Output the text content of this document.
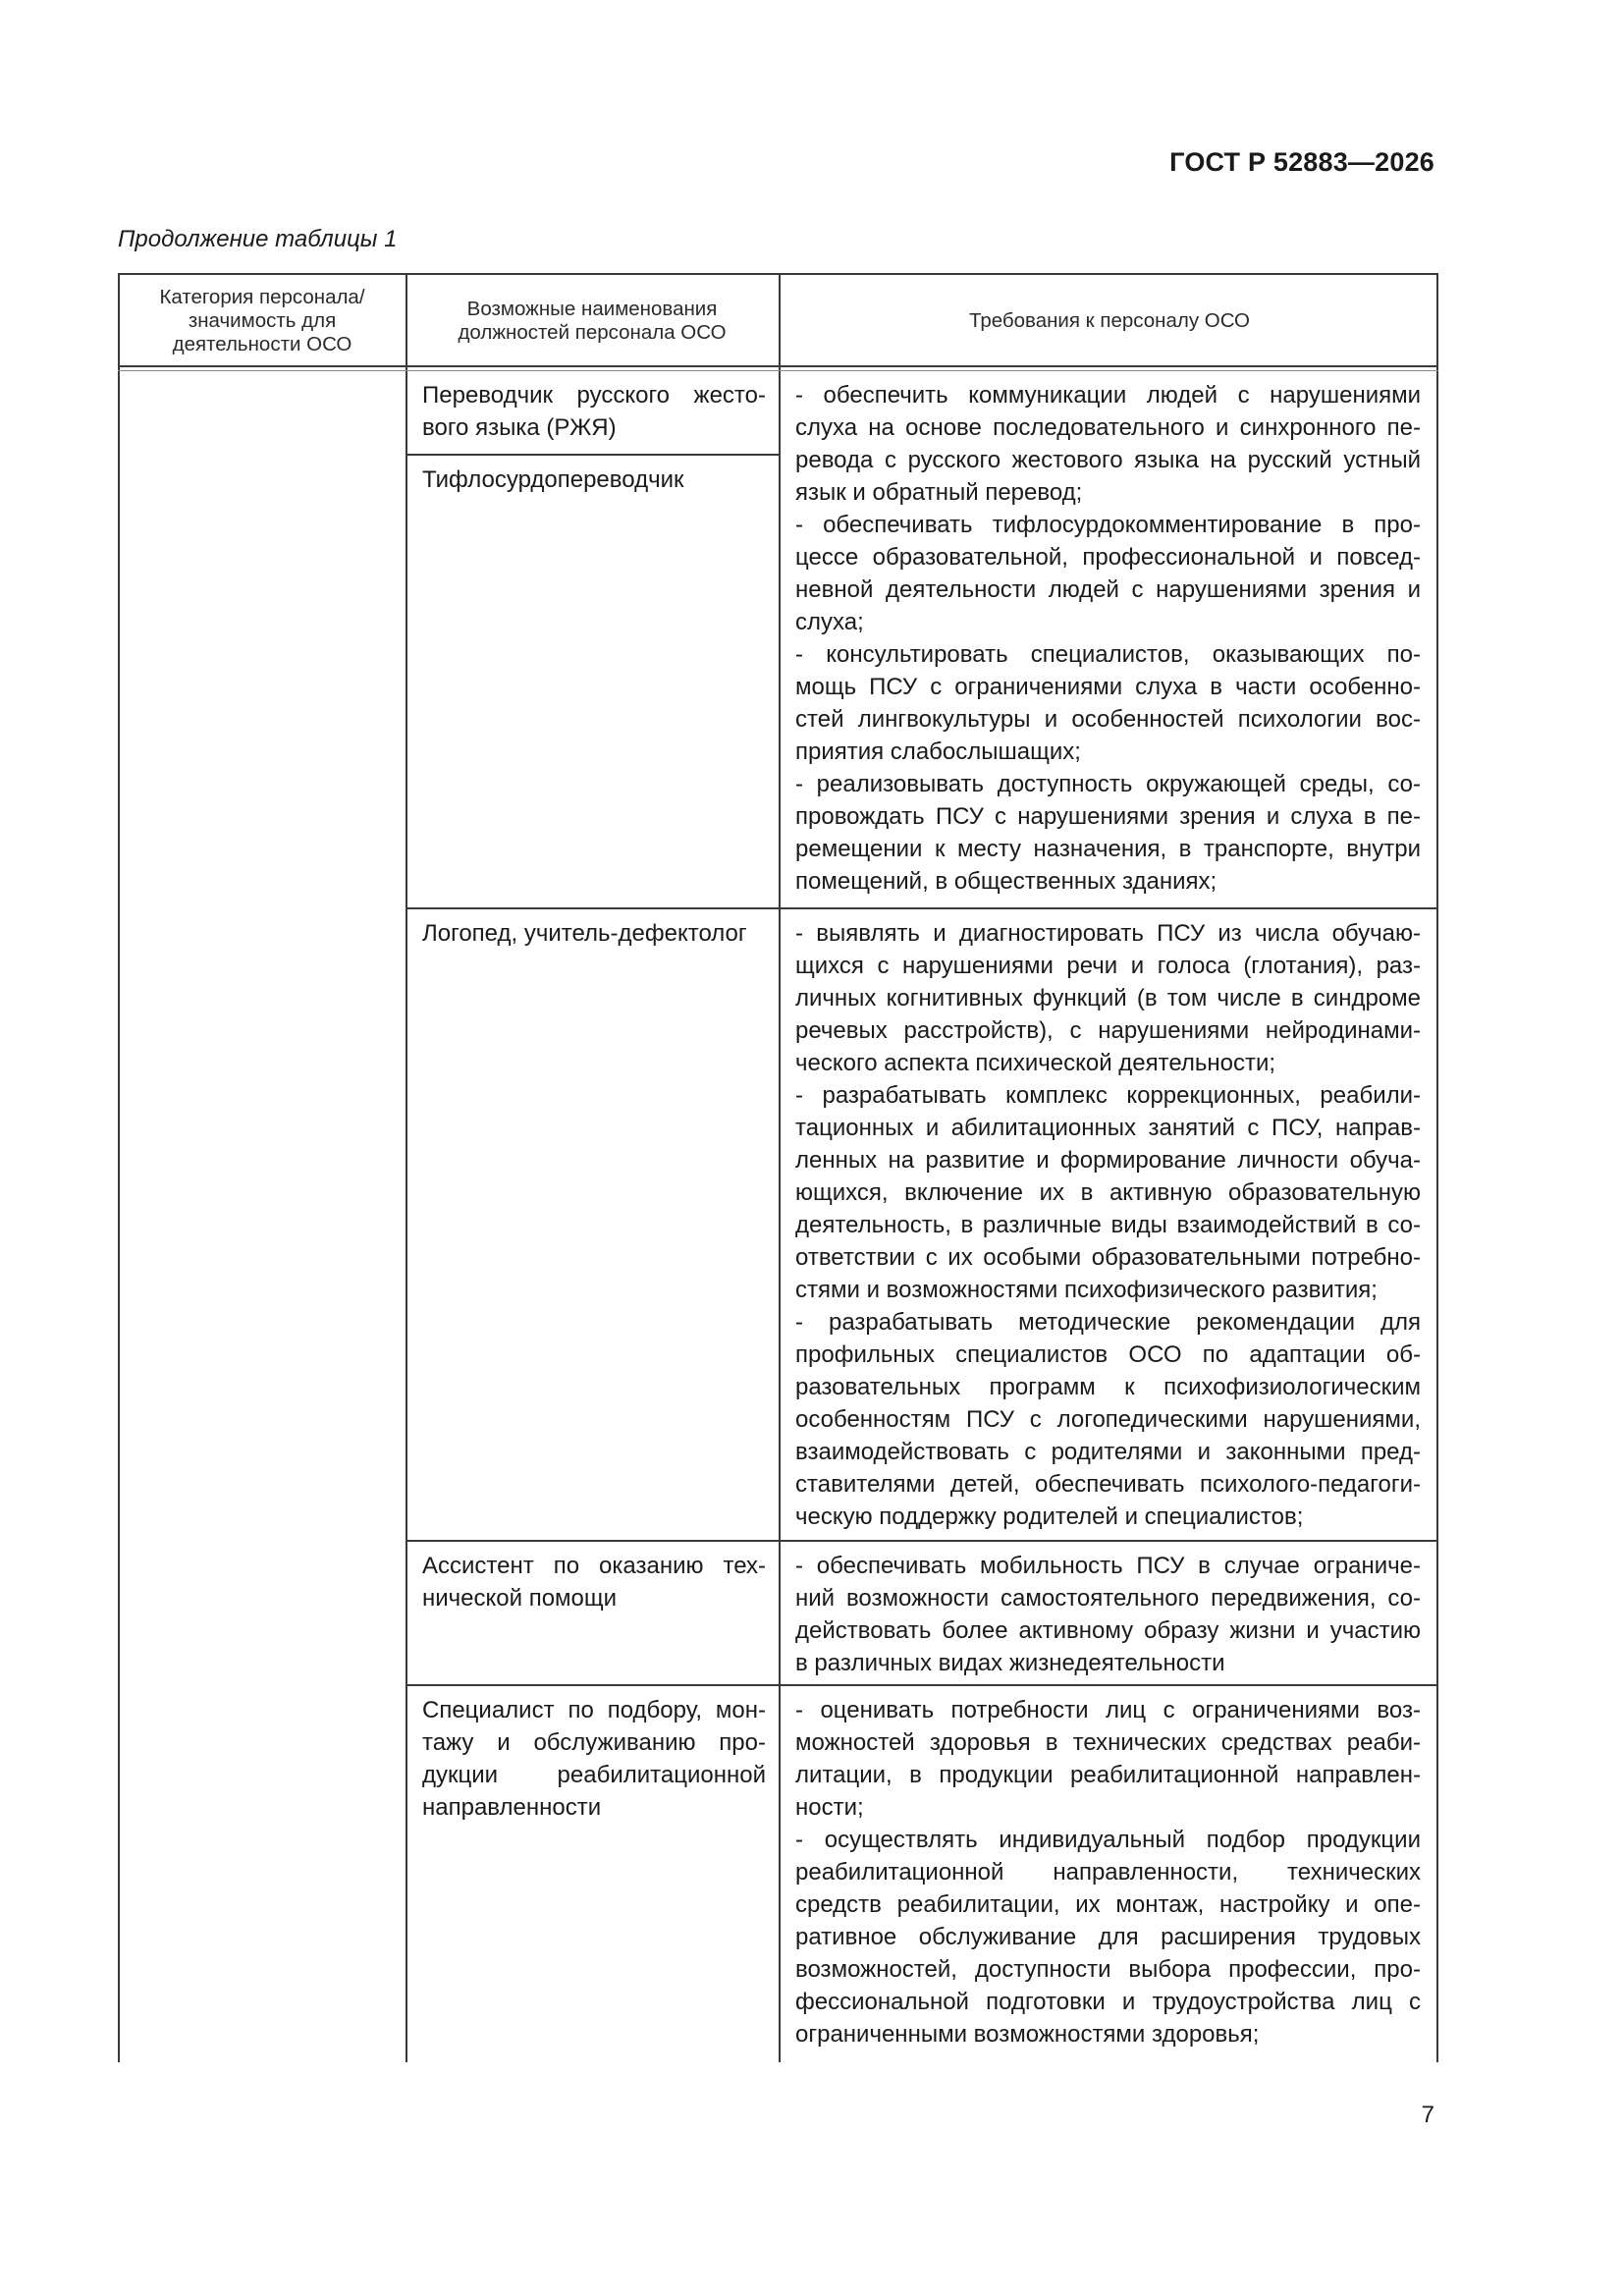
ГОСТ Р 52883—2026
Продолжение таблицы 1
Категория персонала/ значимость для деятельности ОСО
Возможные наименования должностей персонала ОСО
Требования к персоналу ОСО
Переводчик русского жесто-
вого языка (РЖЯ)
Тифлосурдопереводчик
Логопед, учитель-дефектолог
Ассистент по оказанию тех-
нической помощи
Специалист по подбору, мон-
тажу и обслуживанию про-
дукции реабилитационной
направленности
- обеспечить коммуникации людей с нарушениями
слуха на основе последовательного и синхронного пе-
ревода с русского жестового языка на русский устный
язык и обратный перевод;
- обеспечивать тифлосурдокомментирование в про-
цессе образовательной, профессиональной и повсед-
невной деятельности людей с нарушениями зрения и
слуха;
- консультировать специалистов, оказывающих по-
мощь ПСУ с ограничениями слуха в части особенно-
стей лингвокультуры и особенностей психологии вос-
приятия слабослышащих;
- реализовывать доступность окружающей среды, со-
провождать ПСУ с нарушениями зрения и слуха в пе-
ремещении к месту назначения, в транспорте, внутри
помещений, в общественных зданиях;
- выявлять и диагностировать ПСУ из числа обучаю-
щихся с нарушениями речи и голоса (глотания), раз-
личных когнитивных функций (в том числе в синдроме
речевых расстройств), с нарушениями нейродинами-
ческого аспекта психической деятельности;
- разрабатывать комплекс коррекционных, реабили-
тационных и абилитационных занятий с ПСУ, направ-
ленных на развитие и формирование личности обуча-
ющихся, включение их в активную образовательную
деятельность, в различные виды взаимодействий в со-
ответствии с их особыми образовательными потребно-
стями и возможностями психофизического развития;
- разрабатывать методические рекомендации для
профильных специалистов ОСО по адаптации об-
разовательных программ к психофизиологическим
особенностям ПСУ с логопедическими нарушениями,
взаимодействовать с родителями и законными пред-
ставителями детей, обеспечивать психолого-педагоги-
ческую поддержку родителей и специалистов;
- обеспечивать мобильность ПСУ в случае ограниче-
ний возможности самостоятельного передвижения, со-
действовать более активному образу жизни и участию
в различных видах жизнедеятельности
- оценивать потребности лиц с ограничениями воз-
можностей здоровья в технических средствах реаби-
литации, в продукции реабилитационной направлен-
ности;
- осуществлять индивидуальный подбор продукции
реабилитационной направленности, технических
средств реабилитации, их монтаж, настройку и опе-
ративное обслуживание для расширения трудовых
возможностей, доступности выбора профессии, про-
фессиональной подготовки и трудоустройства лиц с
ограниченными возможностями здоровья;
7
